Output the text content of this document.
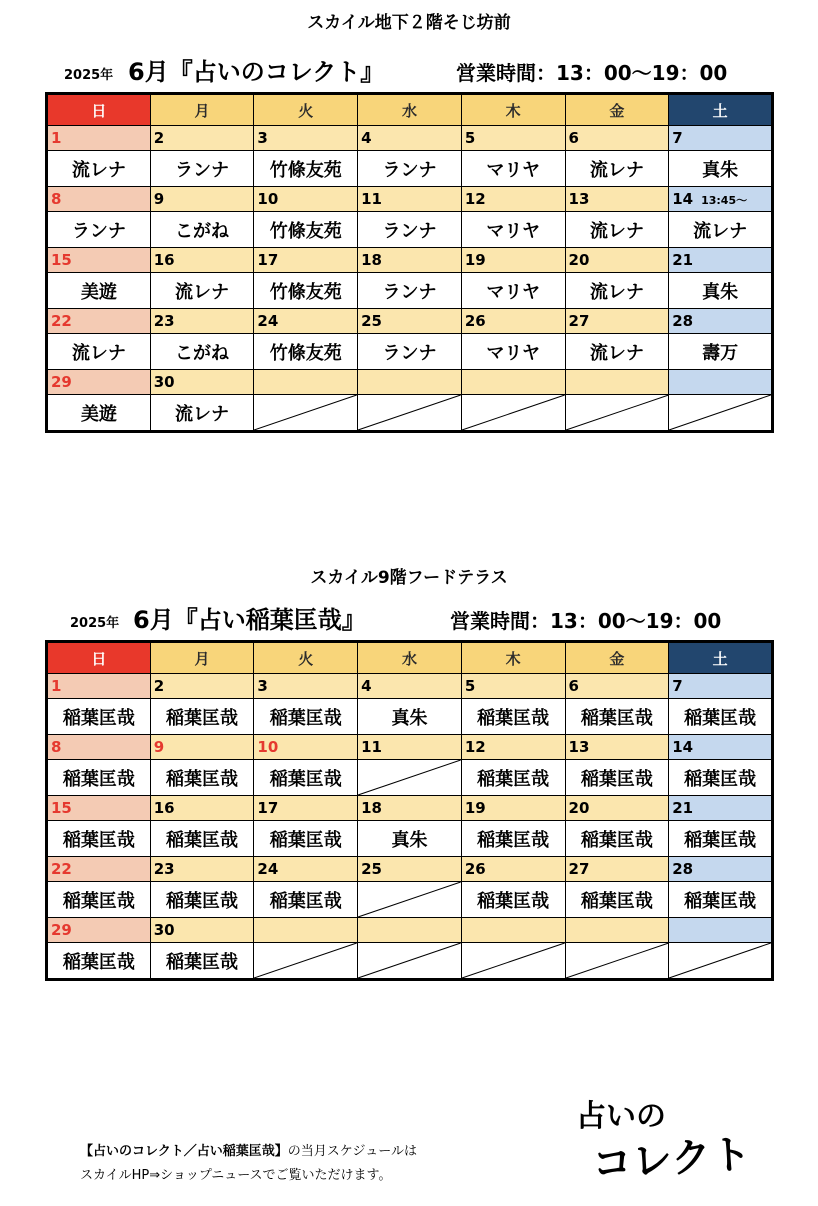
スカイル地下２階そじ坊前
2025年 6月『占いのコレクト』	営業時間：13：00〜19：00
日	月	火	水	木	金	土
1	2	3	4	5	6	7
流レナ	ランナ	竹條友苑	ランナ	マリヤ	流レナ	真朱
8	9	10	11	12	13	14 13:45〜
ランナ	こがね	竹條友苑	ランナ	マリヤ	流レナ	流レナ
15	16	17	18	19	20	21
美遊	流レナ	竹條友苑	ランナ	マリヤ	流レナ	真朱
22	23	24	25	26	27	28
流レナ	こがね	竹條友苑	ランナ	マリヤ	流レナ	壽万
29	30					
美遊	流レナ	

スカイル9階フードテラス
2025年 6月『占い稲葉匡哉』	営業時間：13：00〜19：00
日	月	火	水	木	金	土
1	2	3	4	5	6	7
稲葉匡哉	稲葉匡哉	稲葉匡哉	真朱	稲葉匡哉	稲葉匡哉	稲葉匡哉
8	9	10	11	12	13	14
稲葉匡哉	稲葉匡哉	稲葉匡哉		稲葉匡哉	稲葉匡哉	稲葉匡哉
15	16	17	18	19	20	21
稲葉匡哉	稲葉匡哉	稲葉匡哉	真朱	稲葉匡哉	稲葉匡哉	稲葉匡哉
22	23	24	25	26	27	28
稲葉匡哉	稲葉匡哉	稲葉匡哉		稲葉匡哉	稲葉匡哉	稲葉匡哉
29	30					
稲葉匡哉	稲葉匡哉	

【占いのコレクト／占い稲葉匡哉】の当月スケジュールは
スカイルHP⇒ショップニュースでご覧いただけます。
占いの
コレクト
